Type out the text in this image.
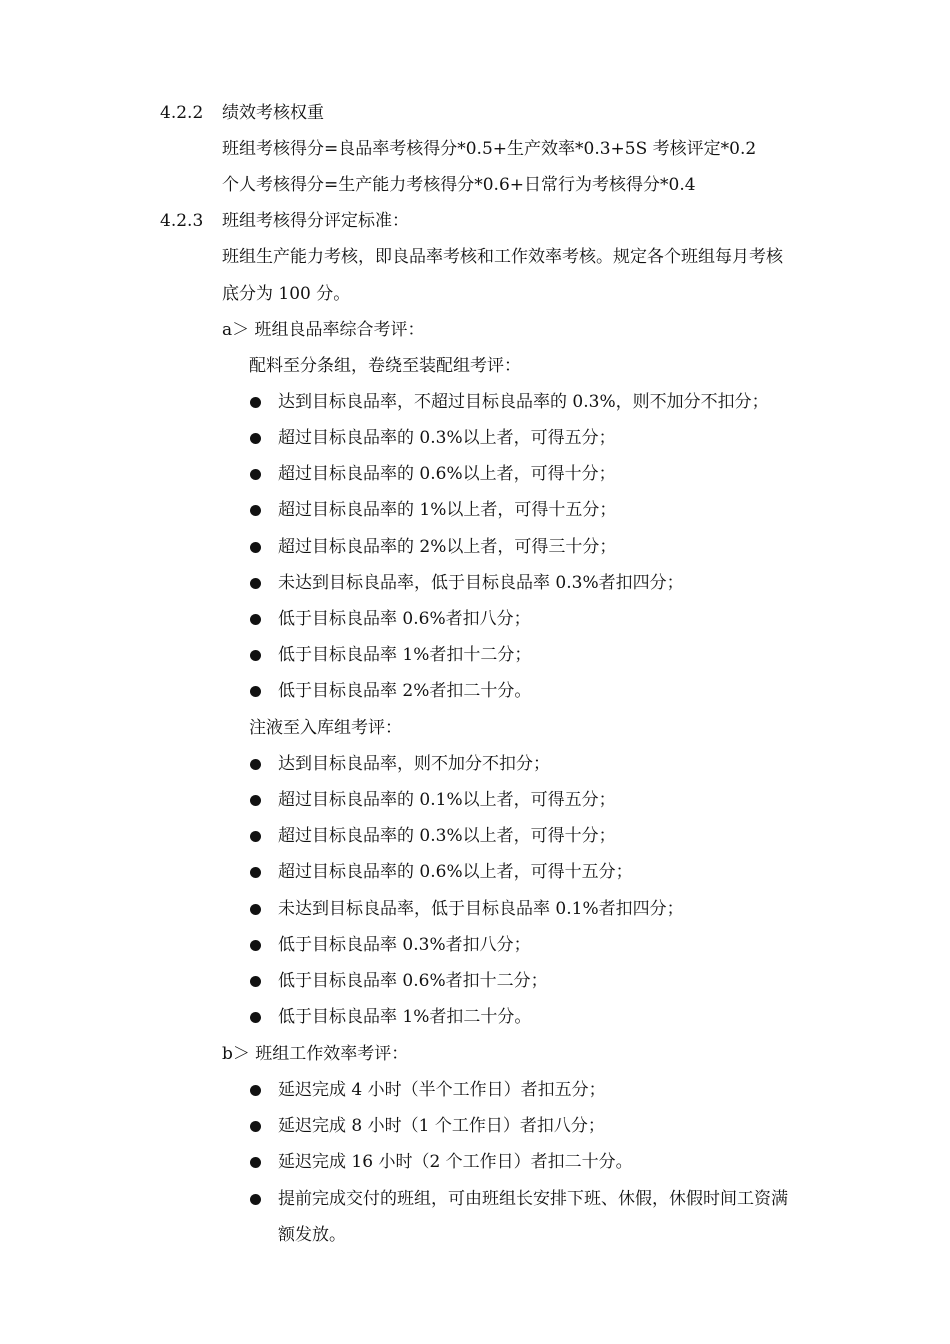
4.2.2 绩效考核权重
班组考核得分=良品率考核得分*0.5+生产效率*0.3+5S 考核评定*0.2
个人考核得分=生产能力考核得分*0.6+日常行为考核得分*0.4
4.2.3 班组考核得分评定标准：
班组生产能力考核，即良品率考核和工作效率考核。规定各个班组每月考核
底分为 100 分。
a＞ 班组良品率综合考评：
配料至分条组，卷绕至装配组考评：
达到目标良品率，不超过目标良品率的 0.3%，则不加分不扣分；
超过目标良品率的 0.3%以上者，可得五分；
超过目标良品率的 0.6%以上者，可得十分；
超过目标良品率的 1%以上者，可得十五分；
超过目标良品率的 2%以上者，可得三十分；
未达到目标良品率，低于目标良品率 0.3%者扣四分；
低于目标良品率 0.6%者扣八分；
低于目标良品率 1%者扣十二分；
低于目标良品率 2%者扣二十分。
注液至入库组考评：
达到目标良品率，则不加分不扣分；
超过目标良品率的 0.1%以上者，可得五分；
超过目标良品率的 0.3%以上者，可得十分；
超过目标良品率的 0.6%以上者，可得十五分；
未达到目标良品率，低于目标良品率 0.1%者扣四分；
低于目标良品率 0.3%者扣八分；
低于目标良品率 0.6%者扣十二分；
低于目标良品率 1%者扣二十分。
b＞ 班组工作效率考评：
延迟完成 4 小时（半个工作日）者扣五分；
延迟完成 8 小时（1 个工作日）者扣八分；
延迟完成 16 小时（2 个工作日）者扣二十分。
提前完成交付的班组，可由班组长安排下班、休假，休假时间工资满
额发放。
